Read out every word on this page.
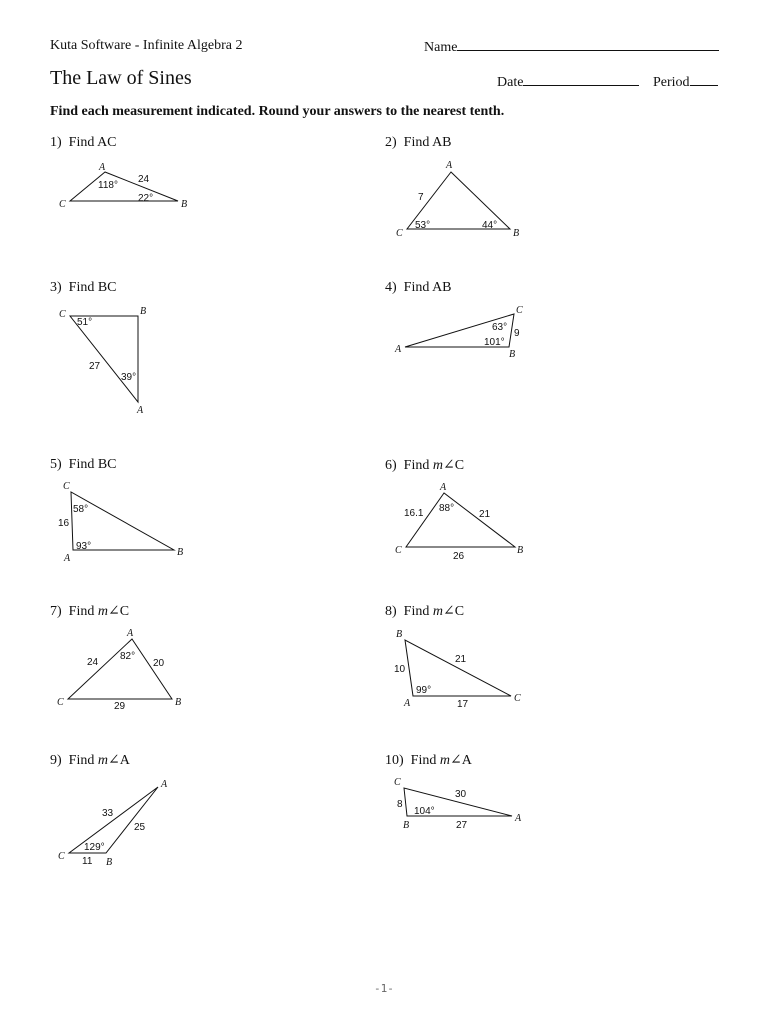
Kuta Software - Infinite Algebra 2	Name
The Law of Sines	Date	Period
Find each measurement indicated. Round your answers to the nearest tenth.
1) Find AC
A
C	B
118°
24
22°
2) Find AB
A
C	B
7
53°	44°
3) Find BC
C	B
A
51°
27
39°
4) Find AB
A
C
B
63°
9
101°
5) Find BC
C
A
B
58°
16
93°
6) Find m∠C
A
C	B
16.1 88°
21
26
7) Find m∠C
A
C	B
24
82°
20
29
8) Find m∠C
B
A	C
10
21
99°
17
9) Find m∠A
A
C
B
33
25
129°
11
10) Find m∠A
C
B
A
8
30
104°
27
-1-
